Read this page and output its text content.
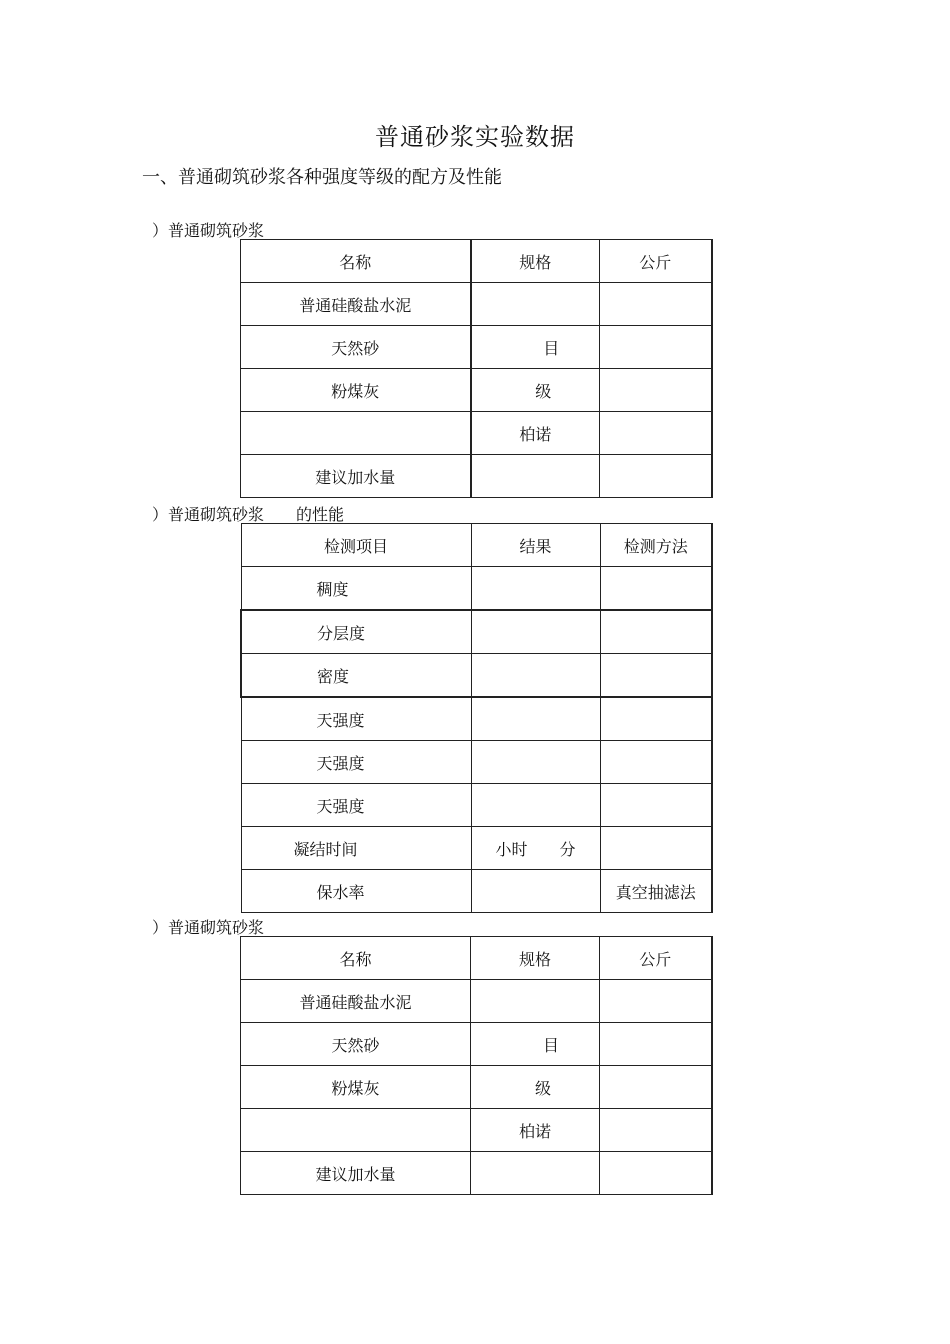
普通砂浆实验数据
一、普通砌筑砂浆各种强度等级的配方及性能
）普通砌筑砂浆
名称	规格	公斤
普通硅酸盐水泥		
天然砂	　　目	
粉煤灰	　级	
	柏诺	
建议加水量		
）普通砌筑砂浆　　的性能
检测项目	结果	检测方法
稠度		
分层度		
密度		
天强度		
天强度		
天强度		
凝结时间	小时　　分	
保水率		真空抽滤法
）普通砌筑砂浆
名称	规格	公斤
普通硅酸盐水泥		
天然砂	　　目	
粉煤灰	　级	
	柏诺	
建议加水量		
